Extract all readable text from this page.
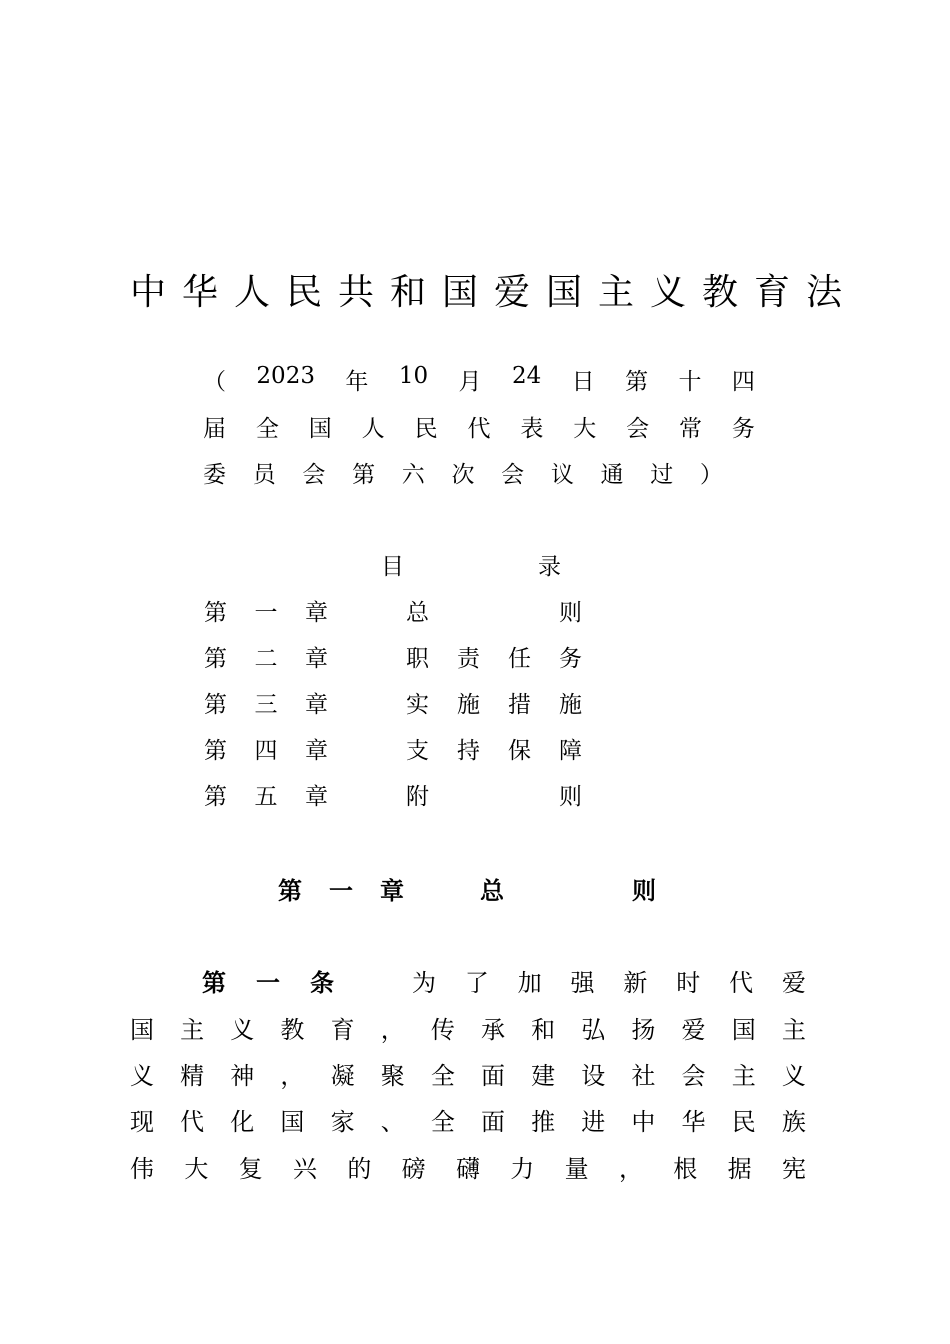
中华人民共和国爱国主义教育法
（ 2023 年 10 月 24 日 第 十 四
届 全 国 人 民 代 表 大 会 常 务
委 员 会 第 六 次 会 议 通 过 ）
目	录
第 一 章	总	则
第 二 章	职 责 任 务
第 三 章	实 施 措 施
第 四 章	支 持 保 障
第 五 章	附	则
第 一 章	总	则
第 一 条	为 了 加 强 新 时 代 爱
国 主 义 教 育 ， 传 承 和 弘 扬 爱 国 主
义 精 神 ， 凝 聚 全 面 建 设 社 会 主 义
现 代 化 国 家 、 全 面 推 进 中 华 民 族
伟 大 复 兴 的 磅 礴 力 量 ， 根 据 宪
